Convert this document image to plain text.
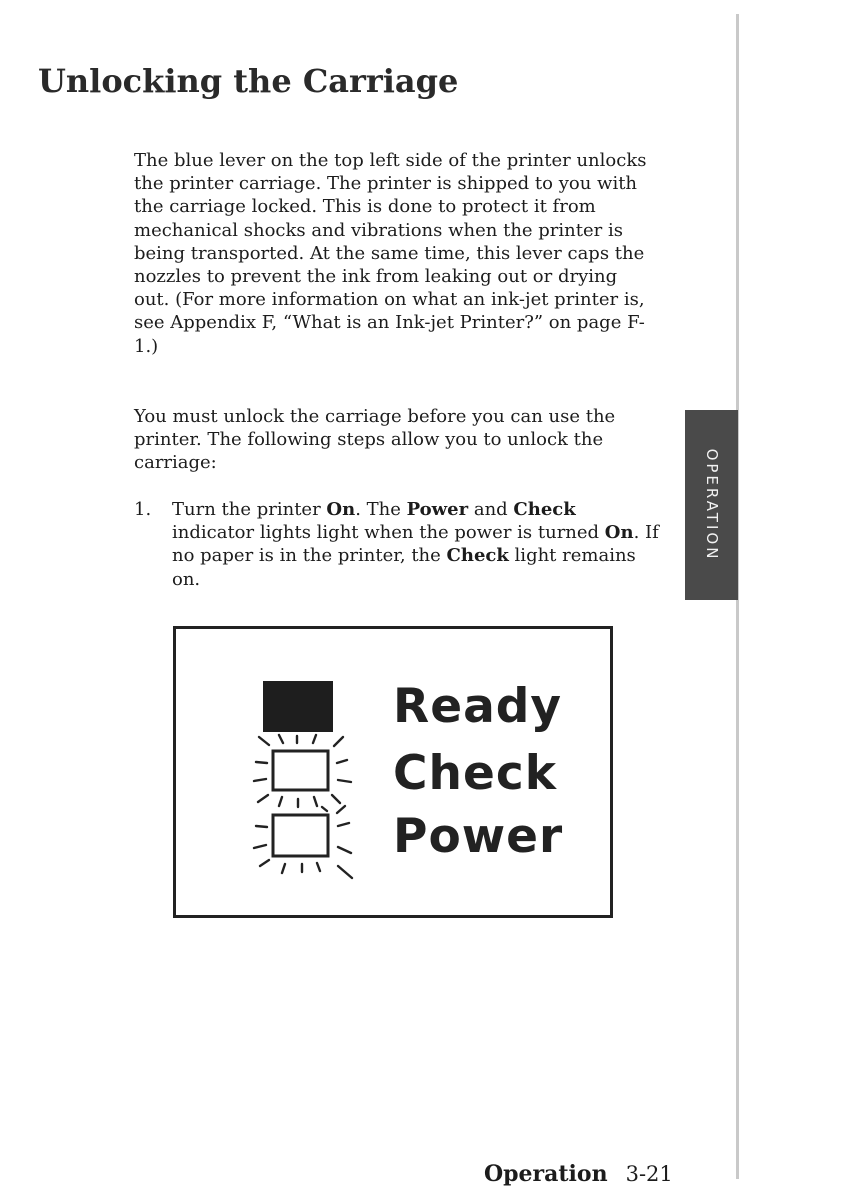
OPERATION
Unlocking the Carriage

The blue lever on the top left side of the printer unlocks the printer carriage. The printer is shipped to you with the carriage locked. This is done to protect it from mechanical shocks and vibrations when the printer is being transported. At the same time, this lever caps the nozzles to prevent the ink from leaking out or drying out. (For more information on what an ink-jet printer is, see Appendix F, “What is an Ink-jet Printer?” on page F-1.)

You must unlock the carriage before you can use the printer. The following steps allow you to unlock the carriage:

1. Turn the printer On. The Power and Check indicator lights light when the power is turned On. If no paper is in the printer, the Check light remains on.
Ready
Check
Power
Operation 3-21
